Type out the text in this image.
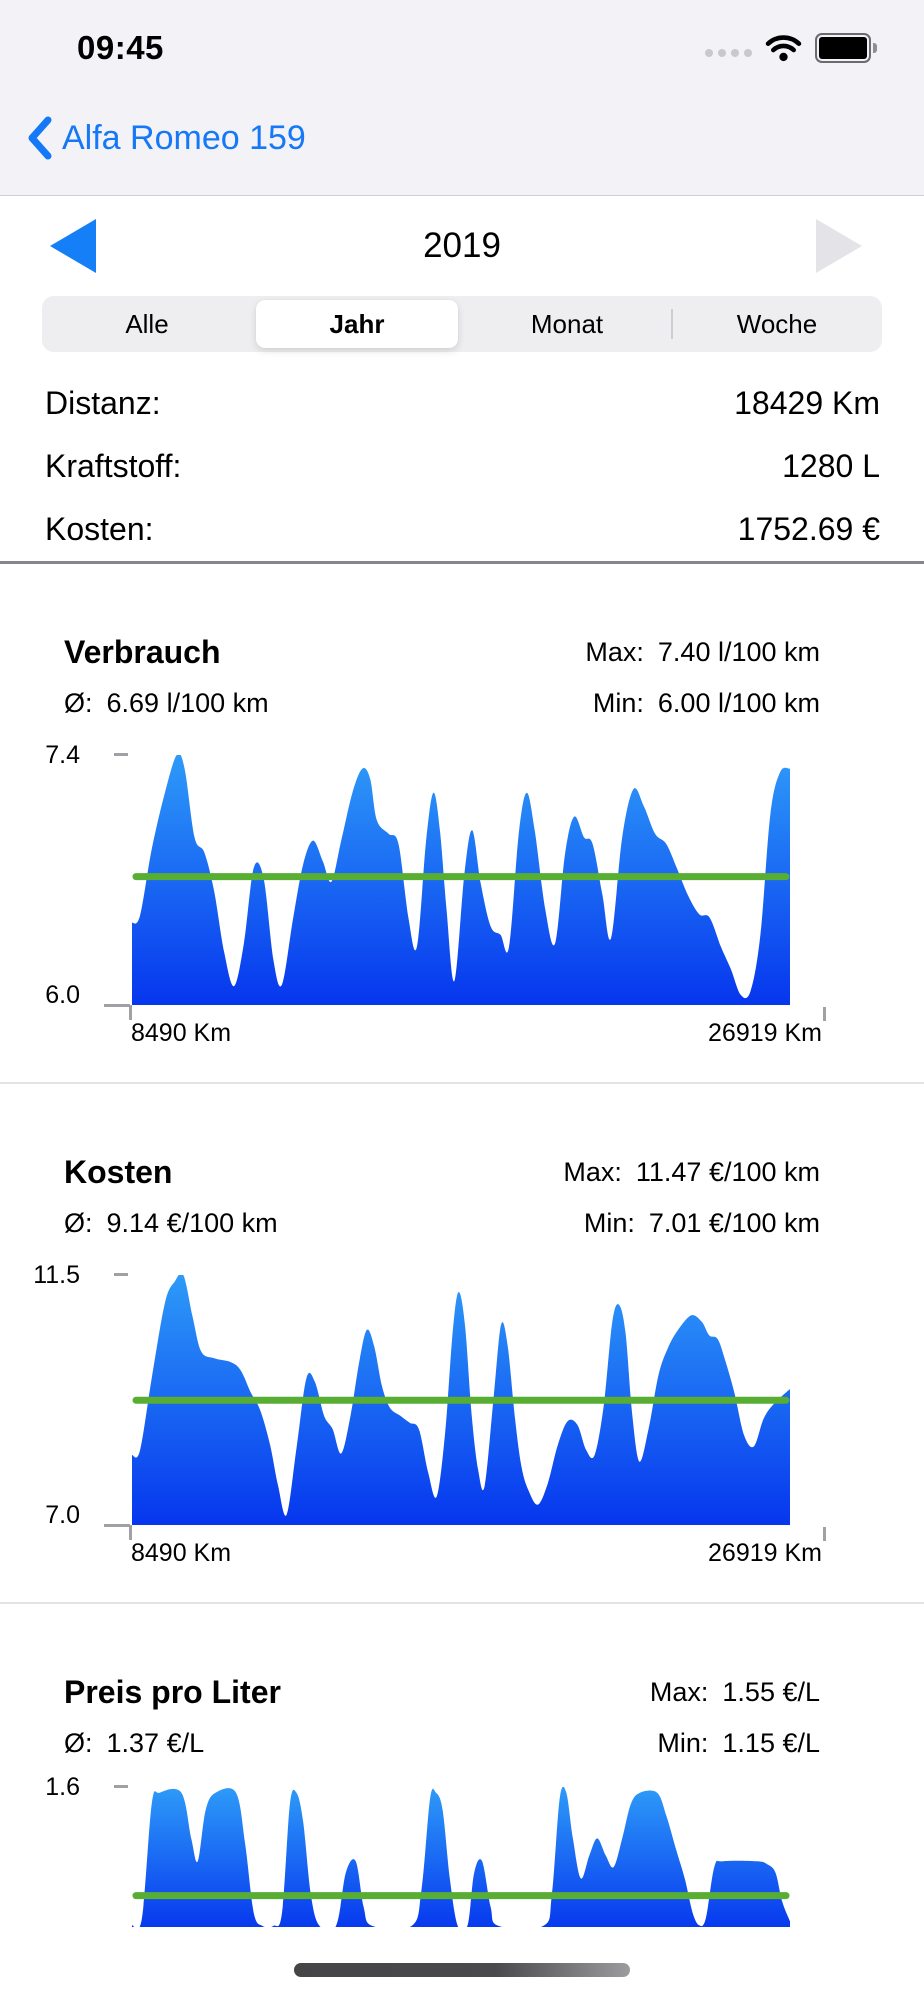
09:45
Alfa Romeo 159
2019
Alle	Jahr	Monat	Woche
Distanz:	18429 Km
Kraftstoff:	1280 L
Kosten:	1752.69 €
Verbrauch	Max: 7.40 l/100 km
Ø: 6.69 l/100 km	Min: 6.00 l/100 km
7.4
6.0
8490 Km	26919 Km
Kosten	Max: 11.47 €/100 km
Ø: 9.14 €/100 km	Min: 7.01 €/100 km
11.5
7.0
8490 Km	26919 Km
Preis pro Liter	Max: 1.55 €/L
Ø: 1.37 €/L	Min: 1.15 €/L
1.6
